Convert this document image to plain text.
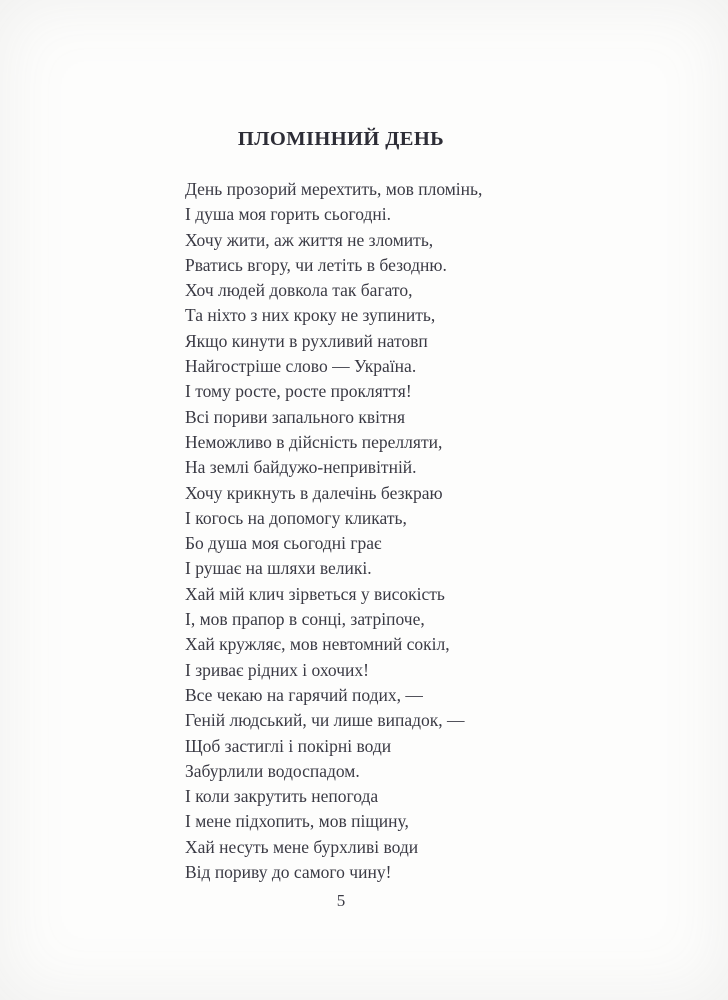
ПЛОМІННИЙ ДЕНЬ
День прозорий мерехтить, мов пломінь,
І душа моя горить сьогодні.
Хочу жити, аж життя не зломить,
Рватись вгору, чи летіть в безодню.
Хоч людей довкола так багато,
Та ніхто з них кроку не зупинить,
Якщо кинути в рухливий натовп
Найгостріше слово — Україна.
І тому росте, росте прокляття!
Всі пориви запального квітня
Неможливо в дійсність перелляти,
На землі байдужо-непривітній.
Хочу крикнуть в далечінь безкраю
І когось на допомогу кликать,
Бо душа моя сьогодні грає
І рушає на шляхи великі.
Хай мій клич зірветься у високість
І, мов прапор в сонці, затріпоче,
Хай кружляє, мов невтомний сокіл,
І зриває рідних і охочих!
Все чекаю на гарячий подих, —
Геній людський, чи лише випадок, —
Щоб застиглі і покірні води
Забурлили водоспадом.
І коли закрутить непогода
І мене підхопить, мов піщину,
Хай несуть мене бурхливі води
Від пориву до самого чину!
5
